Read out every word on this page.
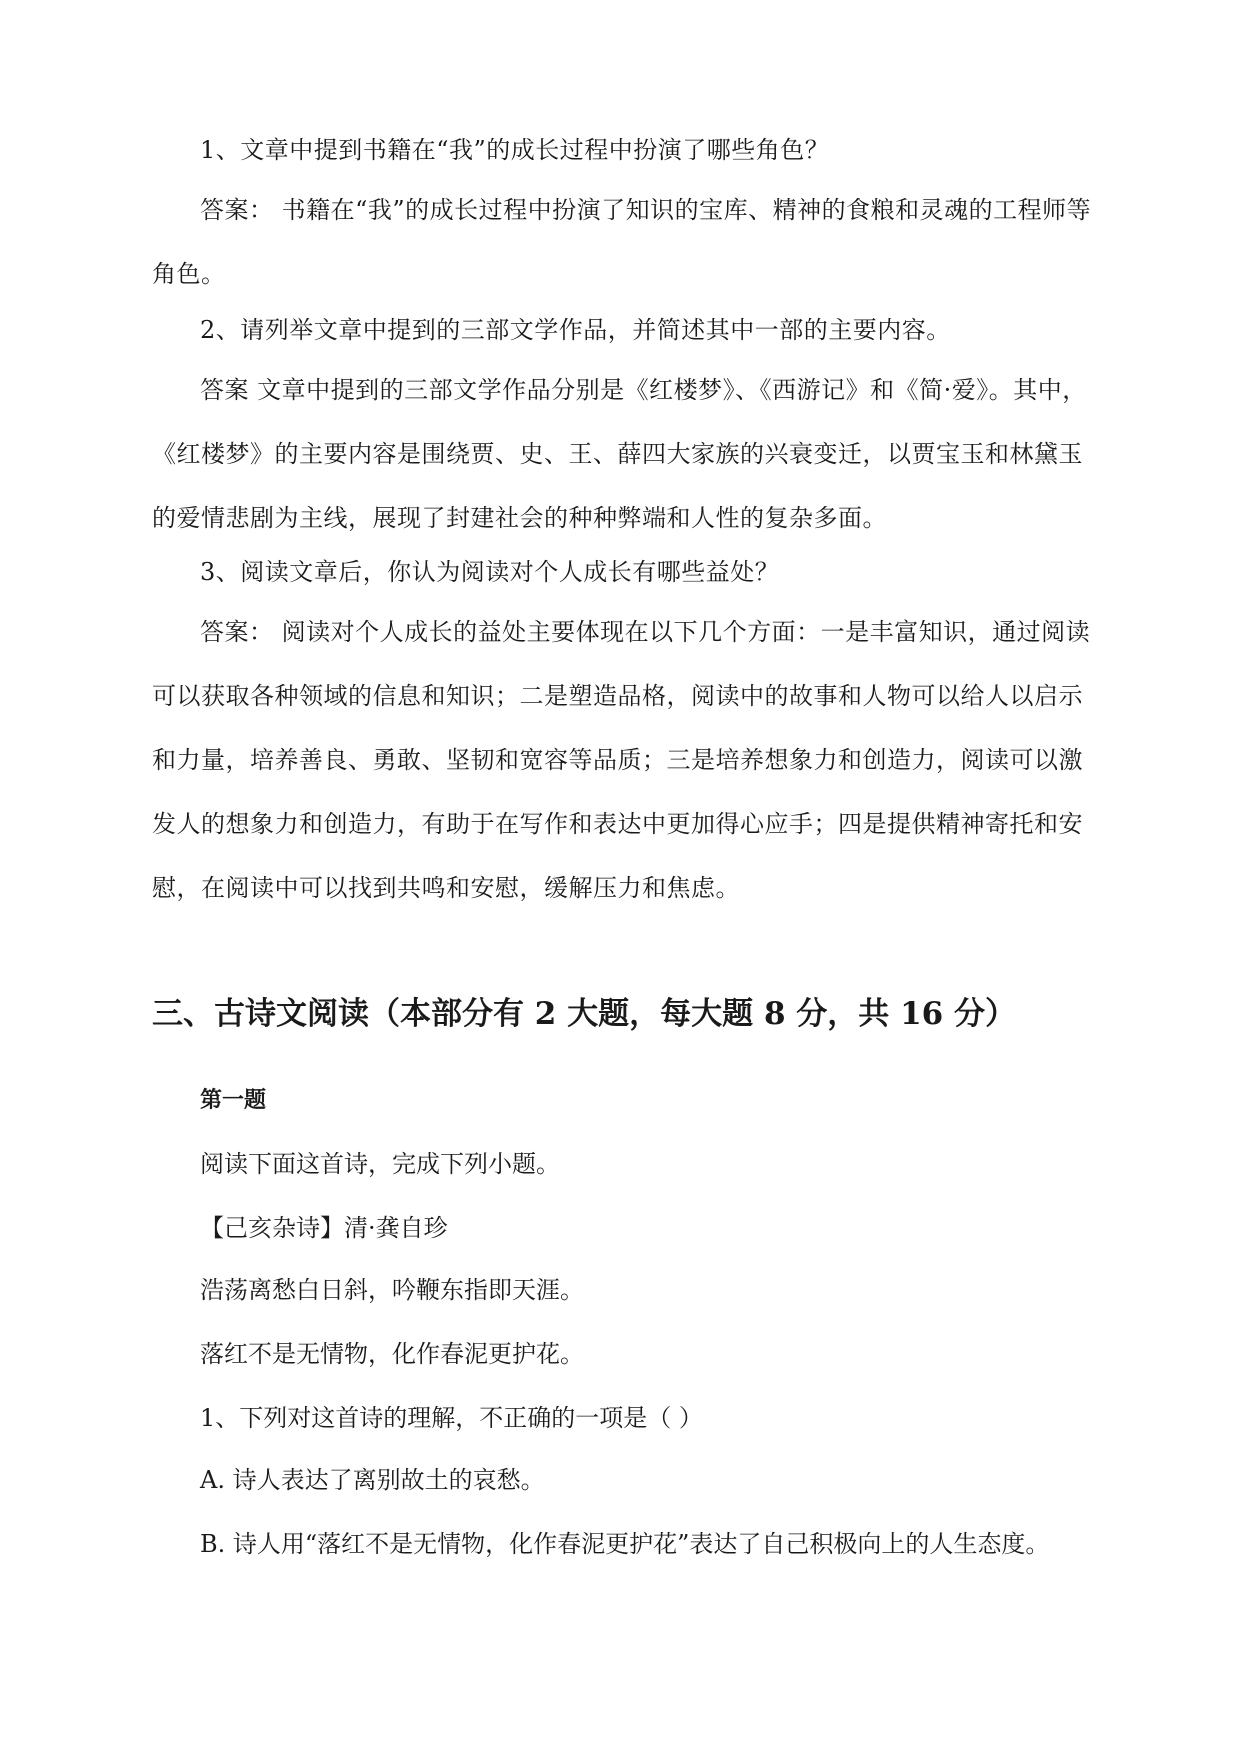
1、文章中提到书籍在“我”的成长过程中扮演了哪些角色？

答案： 书籍在“我”的成长过程中扮演了知识的宝库、精神的食粮和灵魂的工程师等角色。

2、请列举文章中提到的三部文学作品，并简述其中一部的主要内容。

答案 文章中提到的三部文学作品分别是《红楼梦》、《西游记》和《简·爱》。其中，《红楼梦》的主要内容是围绕贾、史、王、薛四大家族的兴衰变迁，以贾宝玉和林黛玉的爱情悲剧为主线，展现了封建社会的种种弊端和人性的复杂多面。

3、阅读文章后，你认为阅读对个人成长有哪些益处？

答案： 阅读对个人成长的益处主要体现在以下几个方面：一是丰富知识，通过阅读可以获取各种领域的信息和知识；二是塑造品格，阅读中的故事和人物可以给人以启示和力量，培养善良、勇敢、坚韧和宽容等品质；三是培养想象力和创造力，阅读可以激发人的想象力和创造力，有助于在写作和表达中更加得心应手；四是提供精神寄托和安慰，在阅读中可以找到共鸣和安慰，缓解压力和焦虑。

三、古诗文阅读（本部分有 2 大题，每大题 8 分，共 16 分）
第一题

阅读下面这首诗，完成下列小题。

【己亥杂诗】清·龚自珍

浩荡离愁白日斜，吟鞭东指即天涯。

落红不是无情物，化作春泥更护花。

1、下列对这首诗的理解，不正确的一项是（ ）

A. 诗人表达了离别故土的哀愁。

B. 诗人用“落红不是无情物，化作春泥更护花”表达了自己积极向上的人生态度。
